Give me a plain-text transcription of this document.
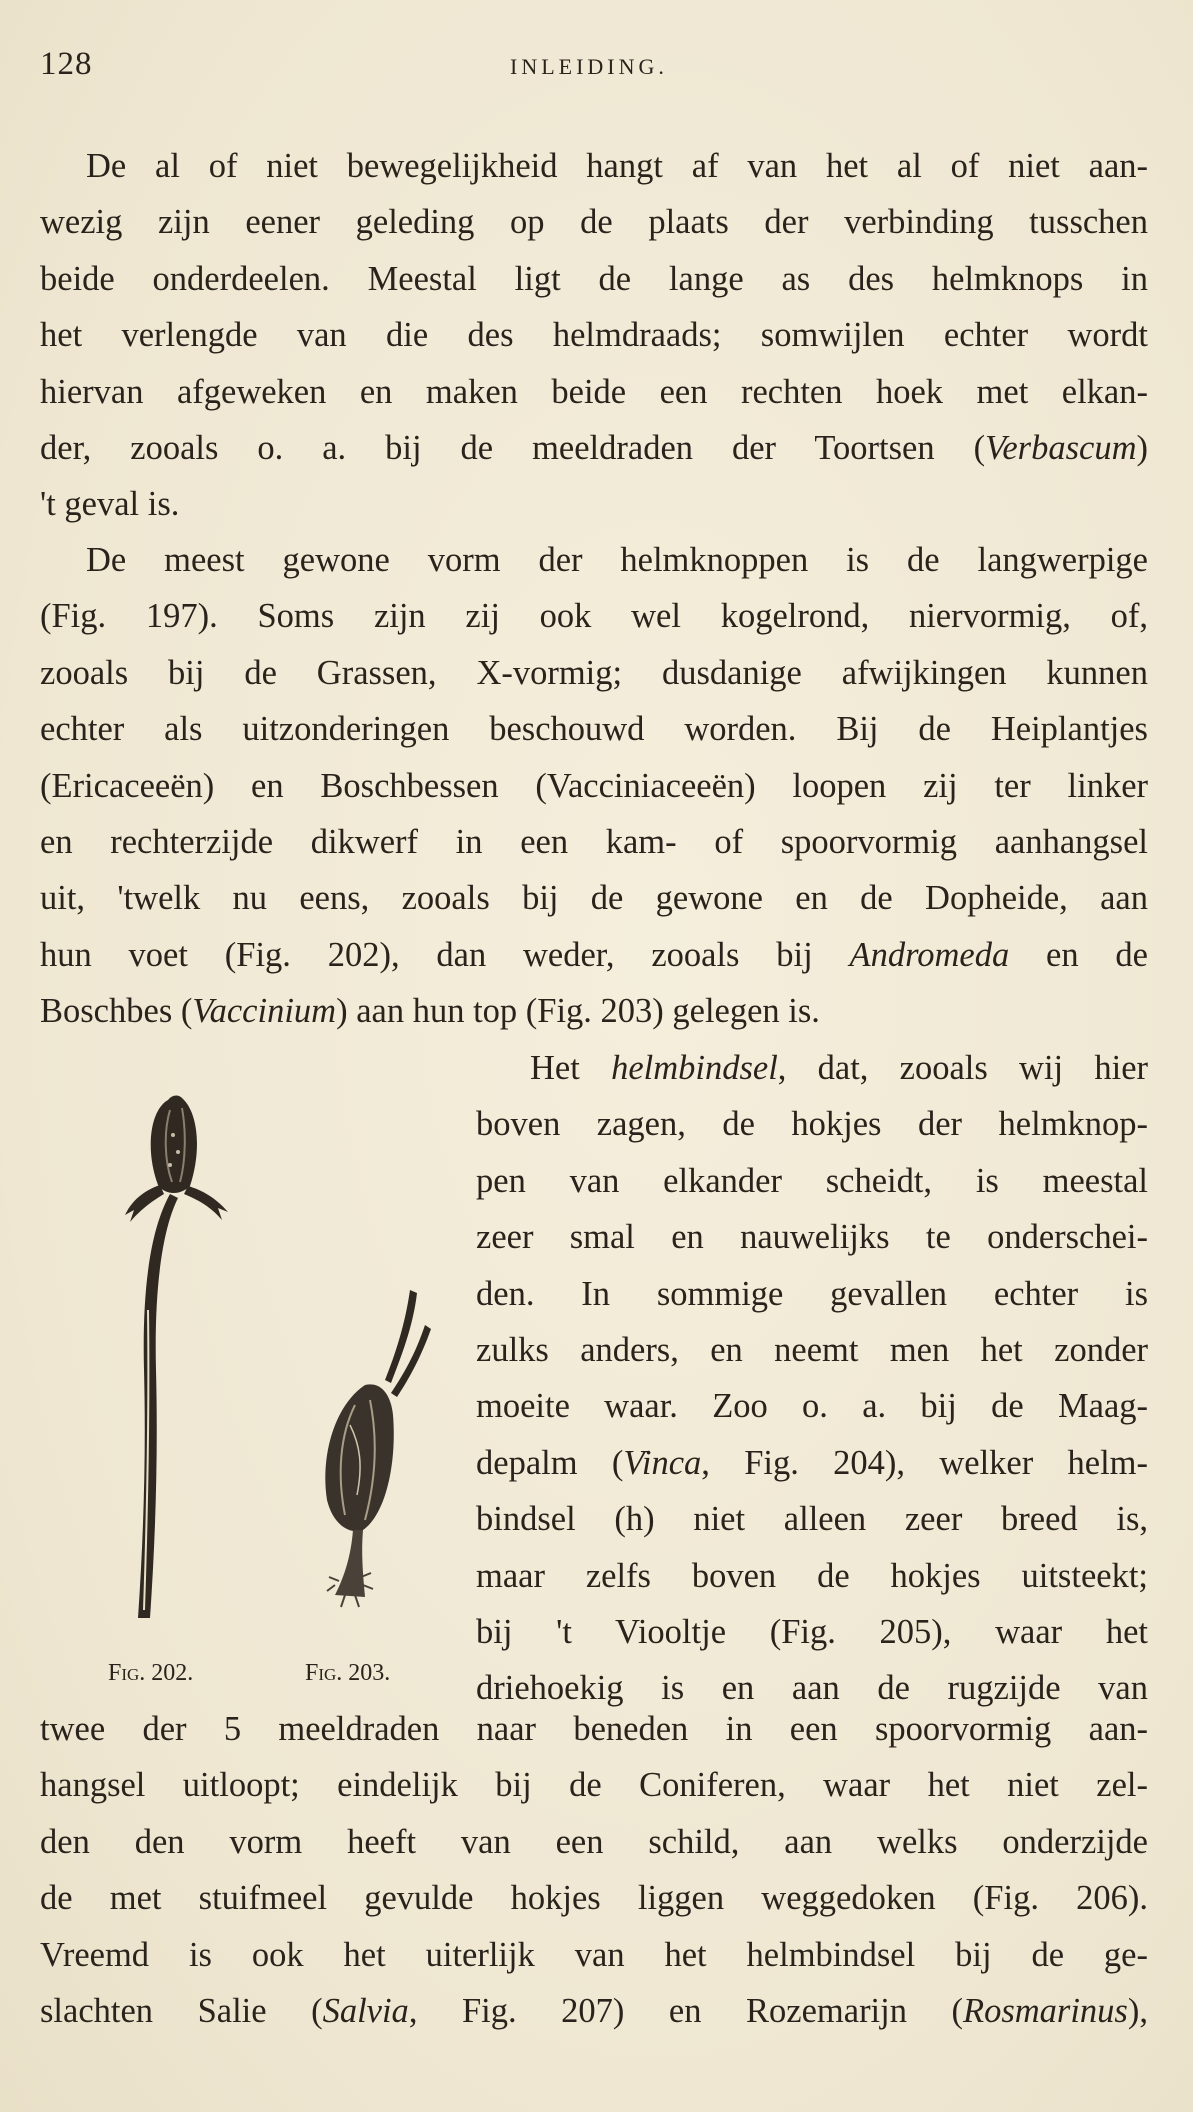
128	INLEIDING.
De al of niet bewegelijkheid hangt af van het al of niet aan-
wezig zijn eener geleding op de plaats der verbinding tusschen
beide onderdeelen. Meestal ligt de lange as des helmknops in
het verlengde van die des helmdraads; somwijlen echter wordt
hiervan afgeweken en maken beide een rechten hoek met elkan-
der, zooals o. a. bij de meeldraden der Toortsen (Verbascum)
't geval is.
De meest gewone vorm der helmknoppen is de langwerpige
(Fig. 197). Soms zijn zij ook wel kogelrond, niervormig, of,
zooals bij de Grassen, X-vormig; dusdanige afwijkingen kunnen
echter als uitzonderingen beschouwd worden. Bij de Heiplantjes
(Ericaceeën) en Boschbessen (Vacciniaceeën) loopen zij ter linker
en rechterzijde dikwerf in een kam- of spoorvormig aanhangsel
uit, 'twelk nu eens, zooals bij de gewone en de Dopheide, aan
hun voet (Fig. 202), dan weder, zooals bij Andromeda en de
Boschbes (Vaccinium) aan hun top (Fig. 203) gelegen is.
Fig. 202.	Fig. 203.
Het helmbindsel, dat, zooals wij hier
boven zagen, de hokjes der helmknop-
pen van elkander scheidt, is meestal
zeer smal en nauwelijks te onderschei-
den. In sommige gevallen echter is
zulks anders, en neemt men het zonder
moeite waar. Zoo o. a. bij de Maag-
depalm (Vinca, Fig. 204), welker helm-
bindsel (h) niet alleen zeer breed is,
maar zelfs boven de hokjes uitsteekt;
bij 't Viooltje (Fig. 205), waar het
driehoekig is en aan de rugzijde van
twee der 5 meeldraden naar beneden in een spoorvormig aan-
hangsel uitloopt; eindelijk bij de Coniferen, waar het niet zel-
den den vorm heeft van een schild, aan welks onderzijde
de met stuifmeel gevulde hokjes liggen weggedoken (Fig. 206).
Vreemd is ook het uiterlijk van het helmbindsel bij de ge-
slachten Salie (Salvia, Fig. 207) en Rozemarijn (Rosmarinus),
